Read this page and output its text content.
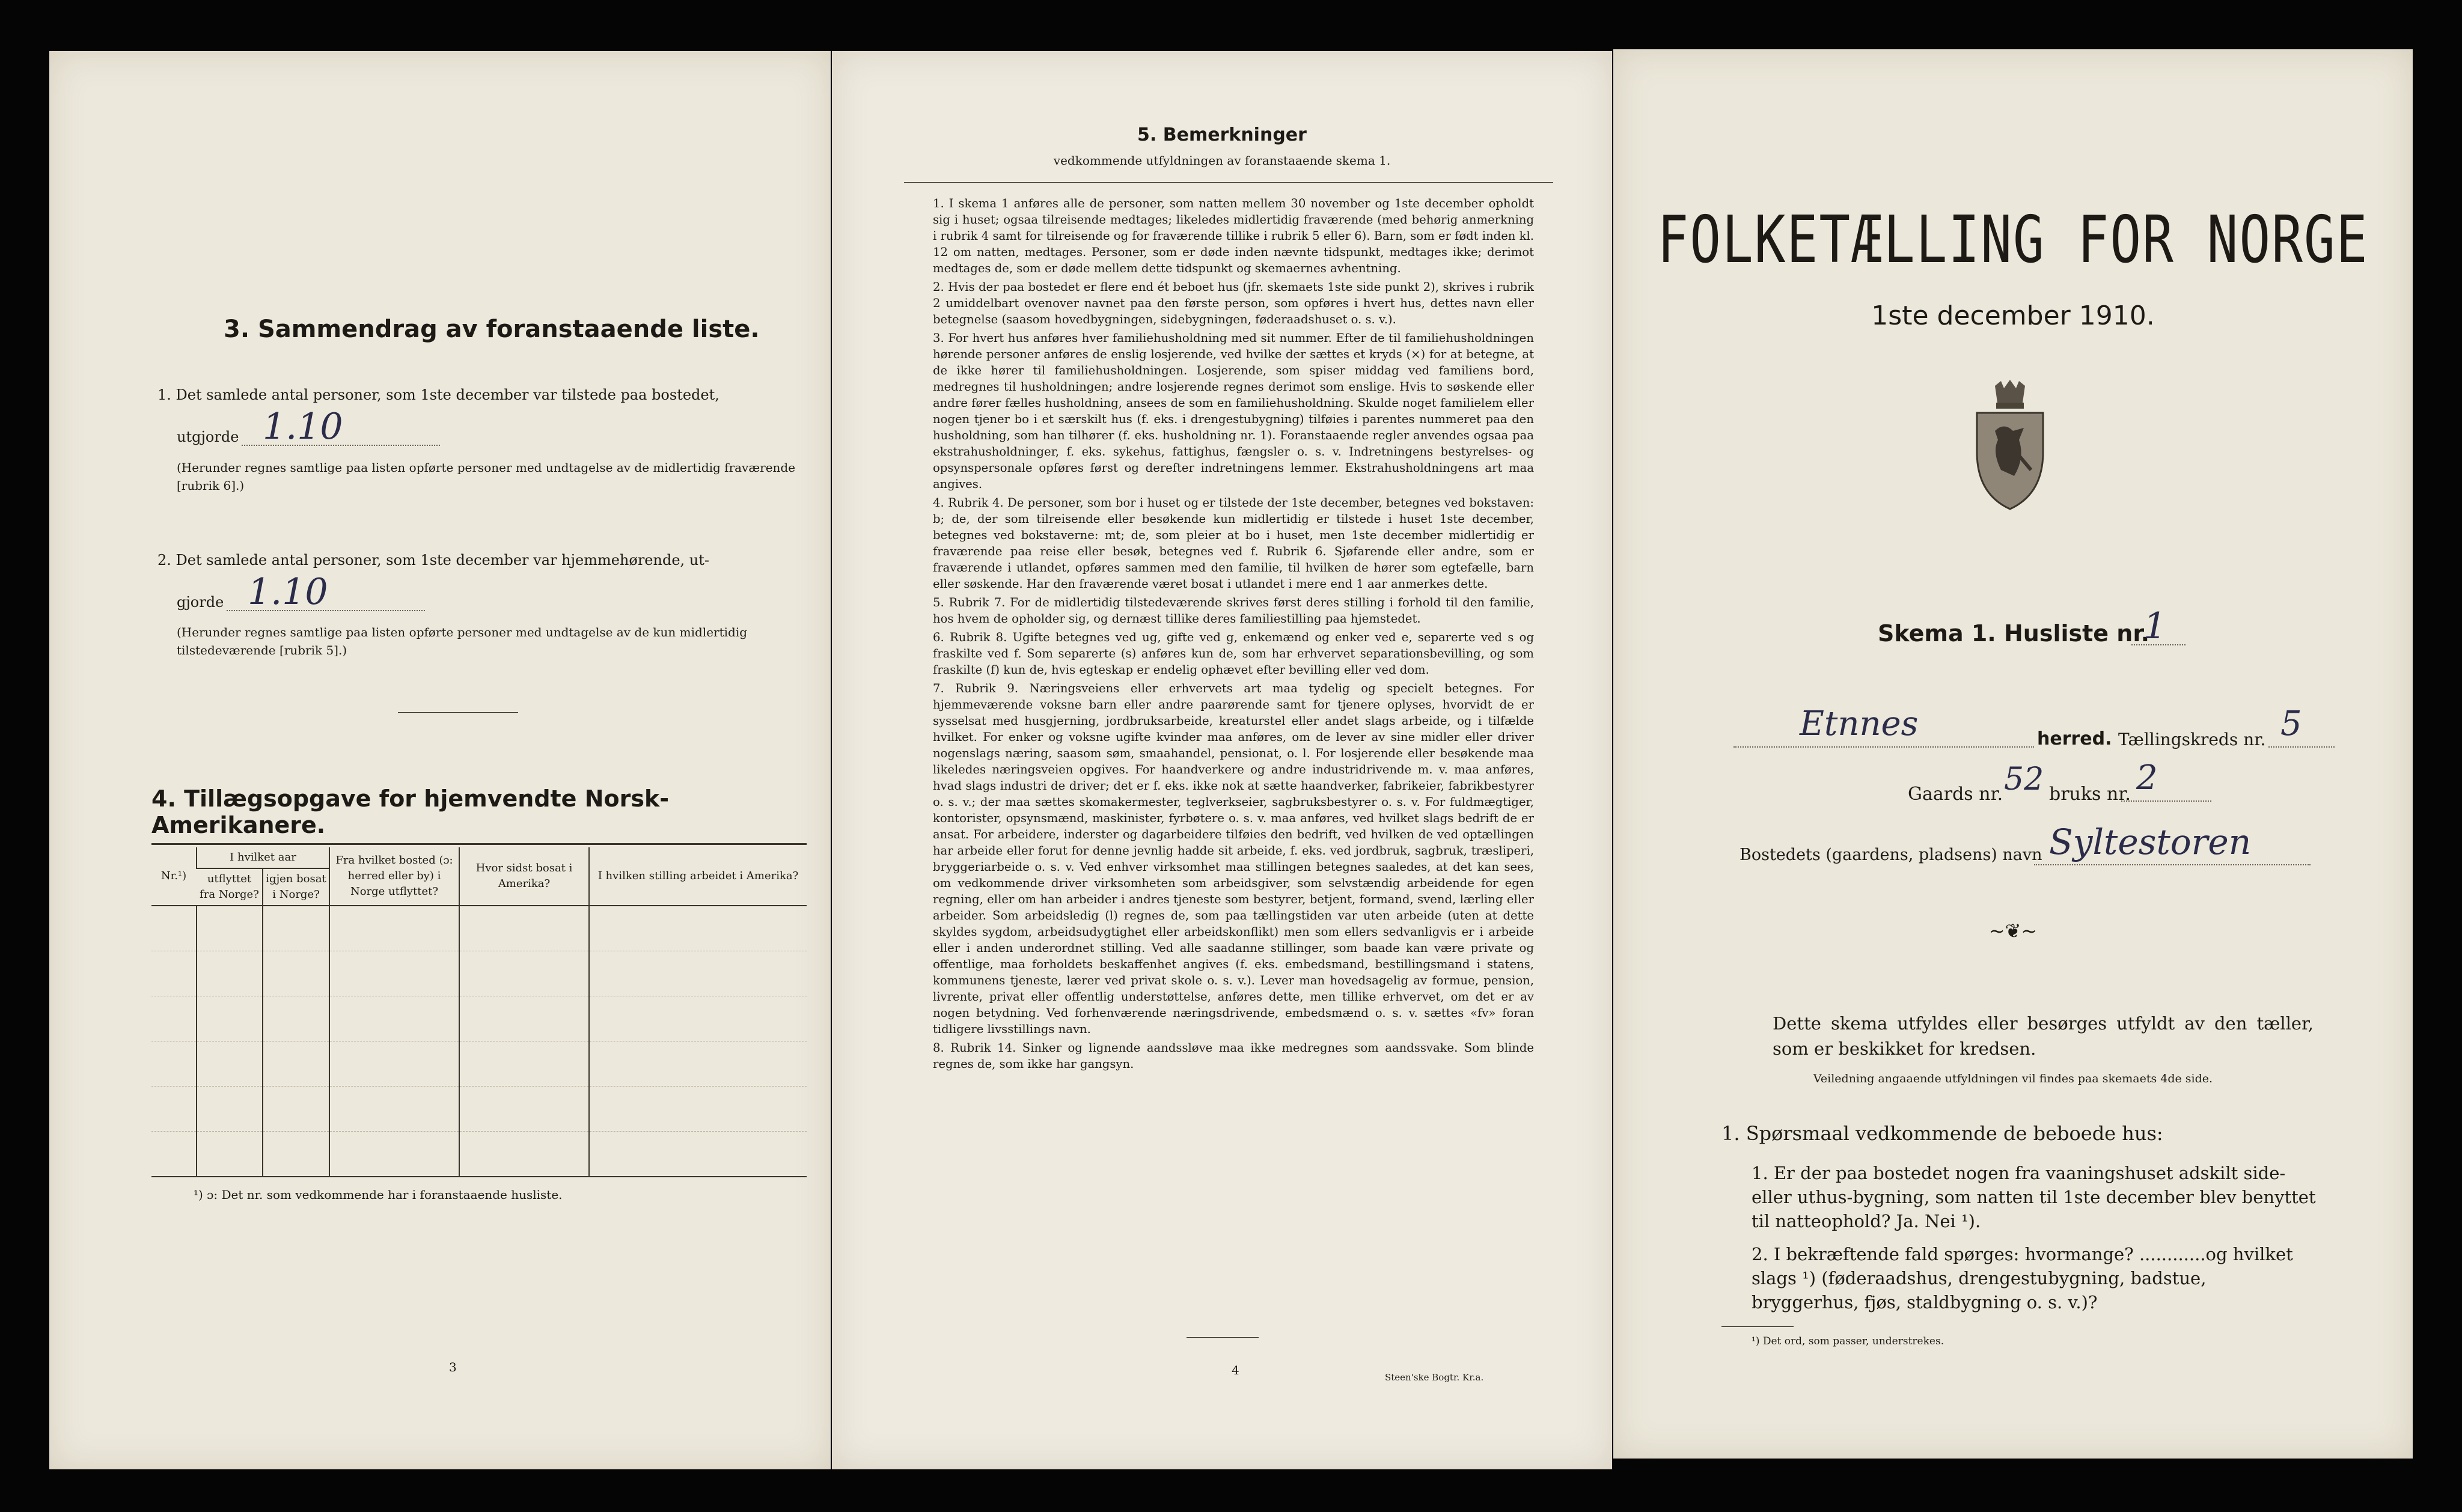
3. Sammendrag av foranstaaende liste.
1. Det samlede antal personer, som 1ste december var tilstede paa bostedet,
utgjorde 1.10
(Herunder regnes samtlige paa listen opførte personer med undtagelse av de midlertidig fraværende [rubrik 6].)
2. Det samlede antal personer, som 1ste december var hjemmehørende, ut-
gjorde 1.10
(Herunder regnes samtlige paa listen opførte personer med undtagelse av de kun midlertidig tilstedeværende [rubrik 5].)
4. Tillægsopgave for hjemvendte Norsk-Amerikanere.
Nr.¹)	I hvilket aar		Fra hvilket bosted (ɔ: herred eller by) i Norge utflyttet?	Hvor sidst bosat i Amerika?	I hvilken stilling arbeidet i Amerika?
	utflyttet fra Norge?	igjen bosat i Norge?			

¹) ɔ: Det nr. som vedkommende har i foranstaaende husliste.
3
5. Bemerkninger
vedkommende utfyldningen av foranstaaende skema 1.
1. I skema 1 anføres alle de personer, som natten mellem 30 november og 1ste december opholdt sig i huset; ogsaa tilreisende medtages; likeledes midlertidig fraværende (med behørig anmerkning i rubrik 4 samt for tilreisende og for fraværende tillike i rubrik 5 eller 6). Barn, som er født inden kl. 12 om natten, medtages. Personer, som er døde inden nævnte tidspunkt, medtages ikke; derimot medtages de, som er døde mellem dette tidspunkt og skemaernes avhentning.
2. Hvis der paa bostedet er flere end ét beboet hus (jfr. skemaets 1ste side punkt 2), skrives i rubrik 2 umiddelbart ovenover navnet paa den første person, som opføres i hvert hus, dettes navn eller betegnelse (saasom hovedbygningen, sidebygningen, føderaadshuset o. s. v.).
3. For hvert hus anføres hver familiehusholdning med sit nummer. Efter de til familiehusholdningen hørende personer anføres de enslig losjerende, ved hvilke der sættes et kryds (×) for at betegne, at de ikke hører til familiehusholdningen. Losjerende, som spiser middag ved familiens bord, medregnes til husholdningen; andre losjerende regnes derimot som enslige. Hvis to søskende eller andre fører fælles husholdning, ansees de som en familiehusholdning. Skulde noget familielem eller nogen tjener bo i et særskilt hus (f. eks. i drengestubygning) tilføies i parentes nummeret paa den husholdning, som han tilhører (f. eks. husholdning nr. 1). Foranstaaende regler anvendes ogsaa paa ekstrahusholdninger, f. eks. sykehus, fattighus, fængsler o. s. v. Indretningens bestyrelses- og opsynspersonale opføres først og derefter indretningens lemmer. Ekstrahusholdningens art maa angives.
4. Rubrik 4. De personer, som bor i huset og er tilstede der 1ste december, betegnes ved bokstaven: b; de, der som tilreisende eller besøkende kun midlertidig er tilstede i huset 1ste december, betegnes ved bokstaverne: mt; de, som pleier at bo i huset, men 1ste december midlertidig er fraværende paa reise eller besøk, betegnes ved f. Rubrik 6. Sjøfarende eller andre, som er fraværende i utlandet, opføres sammen med den familie, til hvilken de hører som egtefælle, barn eller søskende. Har den fraværende været bosat i utlandet i mere end 1 aar anmerkes dette.
5. Rubrik 7. For de midlertidig tilstedeværende skrives først deres stilling i forhold til den familie, hos hvem de opholder sig, og dernæst tillike deres familiestilling paa hjemstedet.
6. Rubrik 8. Ugifte betegnes ved ug, gifte ved g, enkemænd og enker ved e, separerte ved s og fraskilte ved f. Som separerte (s) anføres kun de, som har erhvervet separationsbevilling, og som fraskilte (f) kun de, hvis egteskap er endelig ophævet efter bevilling eller ved dom.
7. Rubrik 9. Næringsveiens eller erhvervets art maa tydelig og specielt betegnes. For hjemmeværende voksne barn eller andre paarørende samt for tjenere oplyses, hvorvidt de er sysselsat med husgjerning, jordbruksarbeide, kreaturstel eller andet slags arbeide, og i tilfælde hvilket. For enker og voksne ugifte kvinder maa anføres, om de lever av sine midler eller driver nogenslags næring, saasom søm, smaahandel, pensionat, o. l. For losjerende eller besøkende maa likeledes næringsveien opgives. For haandverkere og andre industridrivende m. v. maa anføres, hvad slags industri de driver; det er f. eks. ikke nok at sætte haandverker, fabrikeier, fabrikbestyrer o. s. v.; der maa sættes skomakermester, teglverkseier, sagbruksbestyrer o. s. v. For fuldmægtiger, kontorister, opsynsmænd, maskinister, fyrbøtere o. s. v. maa anføres, ved hvilket slags bedrift de er ansat. For arbeidere, inderster og dagarbeidere tilføies den bedrift, ved hvilken de ved optællingen har arbeide eller forut for denne jevnlig hadde sit arbeide, f. eks. ved jordbruk, sagbruk, træsliperi, bryggeriarbeide o. s. v. Ved enhver virksomhet maa stillingen betegnes saaledes, at det kan sees, om vedkommende driver virksomheten som arbeidsgiver, som selvstændig arbeidende for egen regning, eller om han arbeider i andres tjeneste som bestyrer, betjent, formand, svend, lærling eller arbeider. Som arbeidsledig (l) regnes de, som paa tællingstiden var uten arbeide (uten at dette skyldes sygdom, arbeidsudygtighet eller arbeidskonflikt) men som ellers sedvanligvis er i arbeide eller i anden underordnet stilling. Ved alle saadanne stillinger, som baade kan være private og offentlige, maa forholdets beskaffenhet angives (f. eks. embedsmand, bestillingsmand i statens, kommunens tjeneste, lærer ved privat skole o. s. v.). Lever man hovedsagelig av formue, pension, livrente, privat eller offentlig understøttelse, anføres dette, men tillike erhvervet, om det er av nogen betydning. Ved forhenværende næringsdrivende, embedsmænd o. s. v. sættes «fv» foran tidligere livsstillings navn.
8. Rubrik 14. Sinker og lignende aandssløve maa ikke medregnes som aandssvake. Som blinde regnes de, som ikke har gangsyn.
4	Steen'ske Bogtr. Kr.a.
FOLKETÆLLING FOR NORGE
1ste december 1910.
Skema 1. Husliste nr.
1
Etnnes	herred. Tællingskreds nr. 5
Gaards nr. 52 bruks nr. 2
Bostedets (gaardens, pladsens) navn Syltestoren
~❦~
Dette skema utfyldes eller besørges utfyldt av den tæller, som er beskikket for kredsen.
Veiledning angaaende utfyldningen vil findes paa skemaets 4de side.
1. Spørsmaal vedkommende de beboede hus:
1. Er der paa bostedet nogen fra vaaningshuset adskilt side- eller uthus-bygning, som natten til 1ste december blev benyttet til natteophold? Ja. Nei ¹).
2. I bekræftende fald spørges: hvormange? ............og hvilket slags ¹) (føderaadshus, drengestubygning, badstue, bryggerhus, fjøs, staldbygning o. s. v.)?
¹) Det ord, som passer, understrekes.
